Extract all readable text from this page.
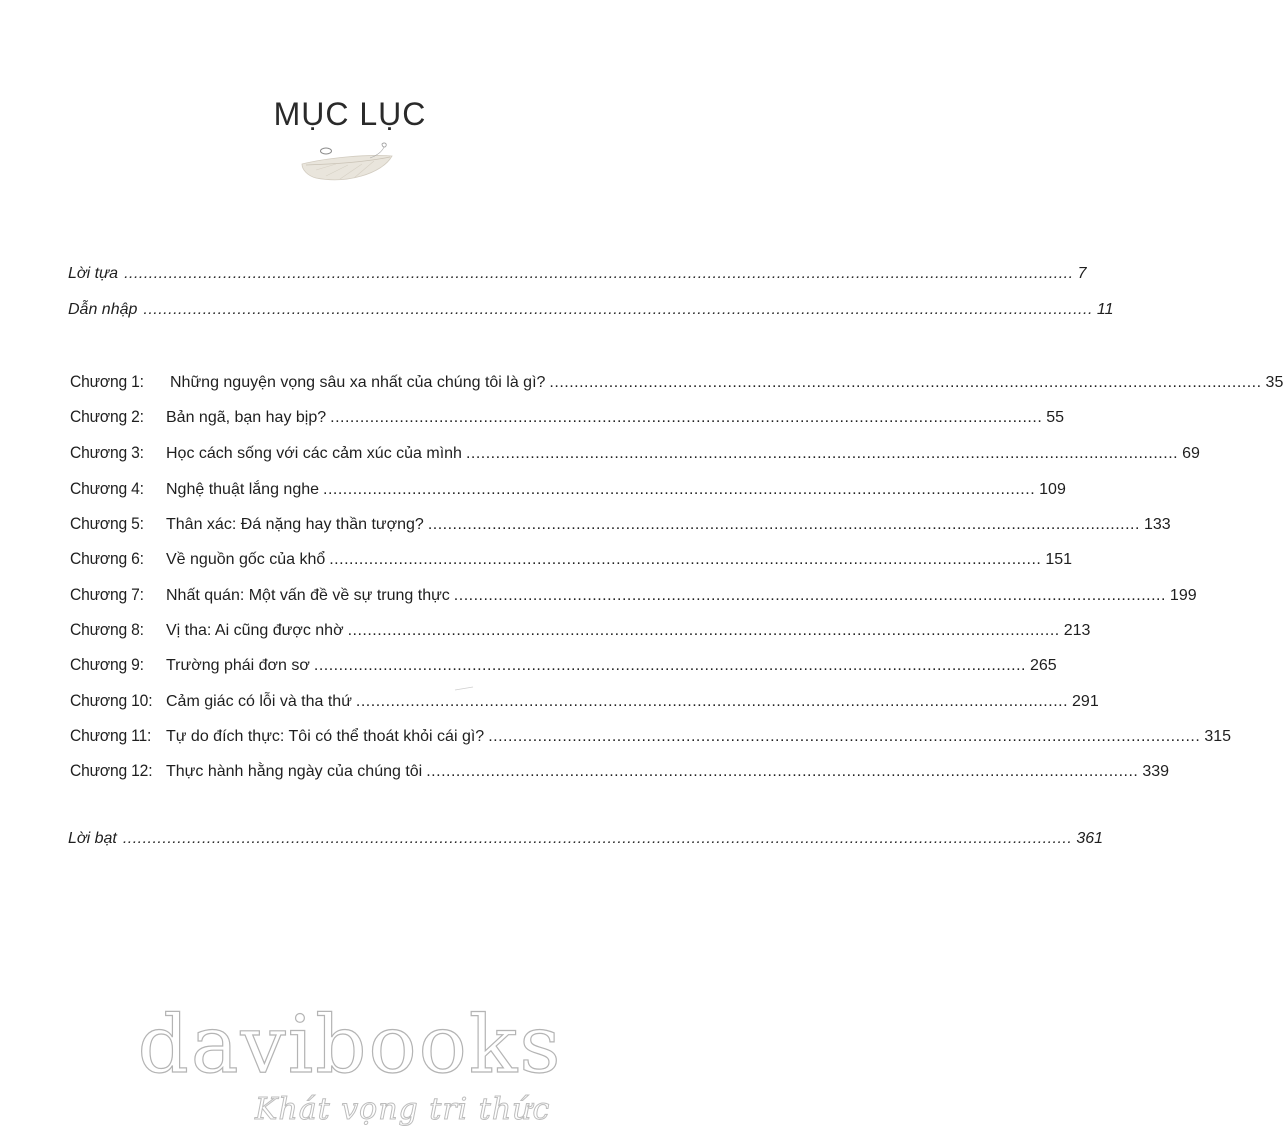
MỤC LỤC
Lời tựa ................................................................................................................................................................................................ 7
Dẫn nhập ................................................................................................................................................................................................ 11
Chương 1:	Những nguyện vọng sâu xa nhất của chúng tôi là gì? ................................................................................................................................................ 35
Chương 2:	Bản ngã, bạn hay bịp? ................................................................................................................................................ 55
Chương 3:	Học cách sống với các cảm xúc của mình ................................................................................................................................................ 69
Chương 4:	Nghệ thuật lắng nghe ................................................................................................................................................ 109
Chương 5:	Thân xác: Đá nặng hay thần tượng? ................................................................................................................................................ 133
Chương 6:	Về nguồn gốc của khổ ................................................................................................................................................ 151
Chương 7:	Nhất quán: Một vấn đề về sự trung thực ................................................................................................................................................ 199
Chương 8:	Vị tha: Ai cũng được nhờ ................................................................................................................................................ 213
Chương 9:	Trường phái đơn sơ ................................................................................................................................................ 265
Chương 10: Cảm giác có lỗi và tha thứ ................................................................................................................................................ 291
Chương 11: Tự do đích thực: Tôi có thể thoát khỏi cái gì? ................................................................................................................................................ 315
Chương 12: Thực hành hằng ngày của chúng tôi ................................................................................................................................................ 339
Lời bạt ................................................................................................................................................................................................ 361
davibooks
Khát vọng tri thức
